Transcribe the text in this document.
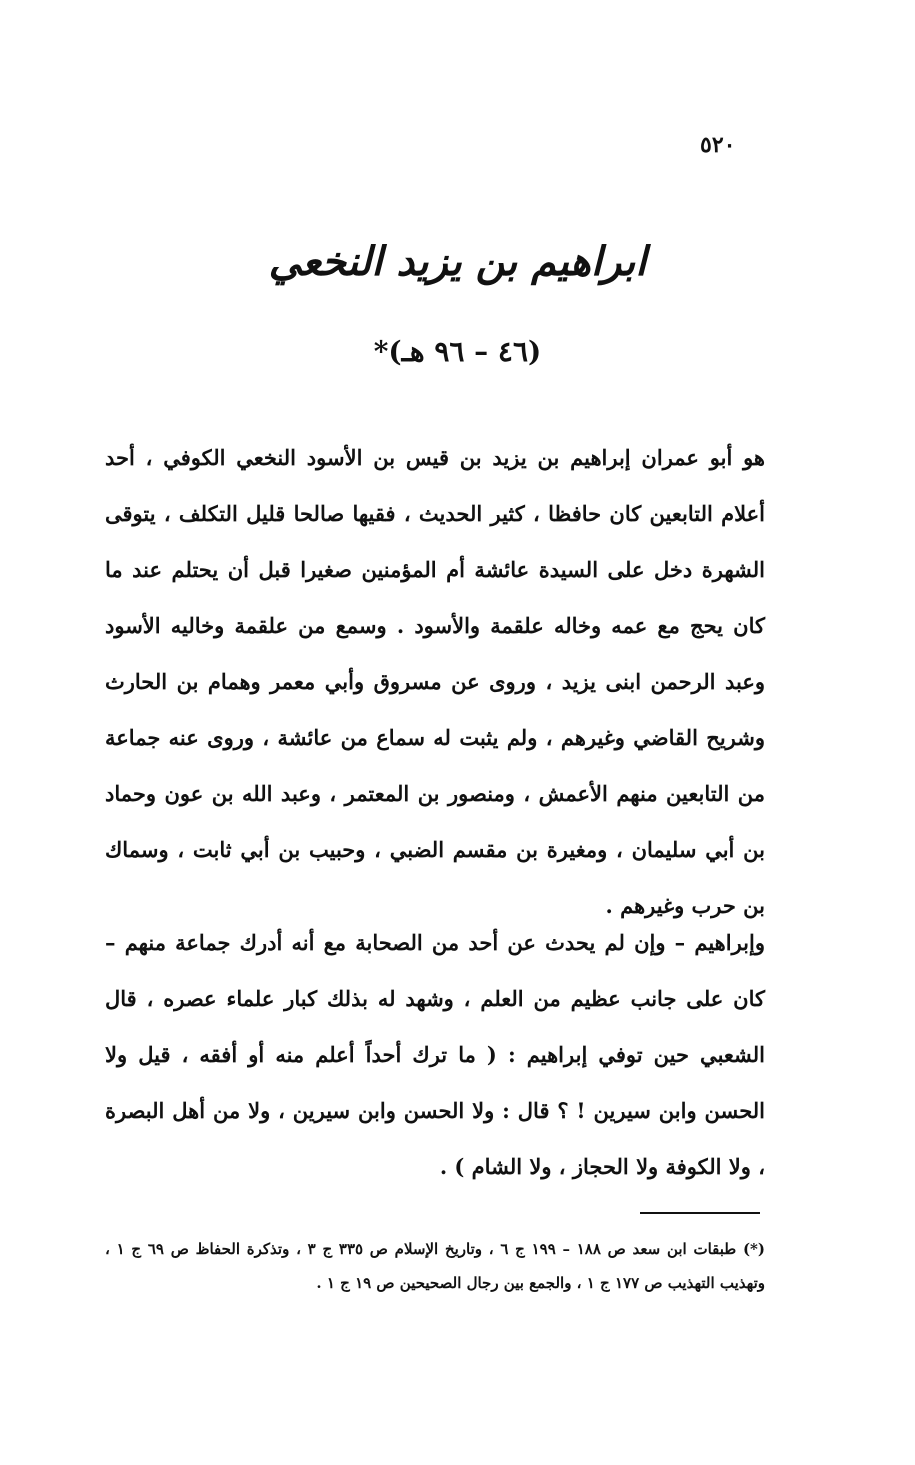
٥٢٠
ابراهيم بن يزيد النخعي
(٤٦ – ٩٦ هـ)*
هو أبو عمران إبراهيم بن يزيد بن قيس بن الأسود النخعي الكوفي ، أحد أعلام التابعين كان حافظا ، كثير الحديث ، فقيها صالحا قليل التكلف ، يتوقى الشهرة دخل على السيدة عائشة أم المؤمنين صغيرا قبل أن يحتلم عند ما كان يحج مع عمه وخاله علقمة والأسود . وسمع من علقمة وخاليه الأسود وعبد الرحمن ابنى يزيد ، وروى عن مسروق وأبي معمر وهمام بن الحارث وشريح القاضي وغيرهم ، ولم يثبت له سماع من عائشة ، وروى عنه جماعة من التابعين منهم الأعمش ، ومنصور بن المعتمر ، وعبد الله بن عون وحماد بن أبي سليمان ، ومغيرة بن مقسم الضبي ، وحبيب بن أبي ثابت ، وسماك بن حرب وغيرهم .
وإبراهيم – وإن لم يحدث عن أحد من الصحابة مع أنه أدرك جماعة منهم – كان على جانب عظيم من العلم ، وشهد له بذلك كبار علماء عصره ، قال الشعبي حين توفي إبراهيم : ( ما ترك أحداً أعلم منه أو أفقه ، قيل ولا الحسن وابن سيرين ! ؟ قال : ولا الحسن وابن سيرين ، ولا من أهل البصرة ، ولا الكوفة ولا الحجاز ، ولا الشام ) .
(*) طبقات ابن سعد ص ١٨٨ – ١٩٩ ج ٦ ، وتاريخ الإسلام ص ٣٣٥ ج ٣ ، وتذكرة الحفاظ ص ٦٩ ج ١ ، وتهذيب التهذيب ص ١٧٧ ج ١ ، والجمع بين رجال الصحيحين ص ١٩ ج ١ .
